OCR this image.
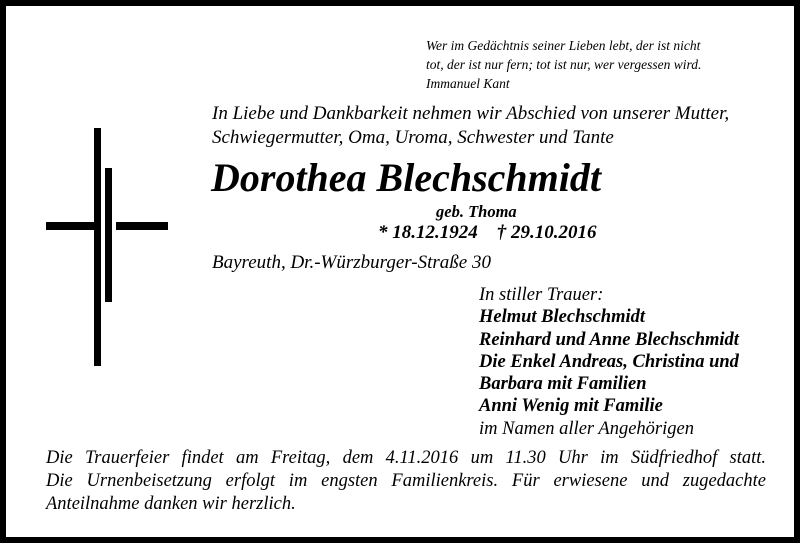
Wer im Gedächtnis seiner Lieben lebt, der ist nicht
tot, der ist nur fern; tot ist nur, wer vergessen wird.
Immanuel Kant
In Liebe und Dankbarkeit nehmen wir Abschied von unserer Mutter,
Schwiegermutter, Oma, Uroma, Schwester und Tante
Dorothea Blechschmidt
geb. Thoma
* 18.12.1924    † 29.10.2016
Bayreuth, Dr.-Würzburger-Straße 30
In stiller Trauer:
Helmut Blechschmidt
Reinhard und Anne Blechschmidt
Die Enkel Andreas, Christina und
Barbara mit Familien
Anni Wenig mit Familie
im Namen aller Angehörigen
Die Trauerfeier findet am Freitag, dem 4.11.2016 um 11.30 Uhr im Südfriedhof statt.
Die Urnenbeisetzung erfolgt im engsten Familienkreis. Für erwiesene und zugedachte
Anteilnahme danken wir herzlich.
